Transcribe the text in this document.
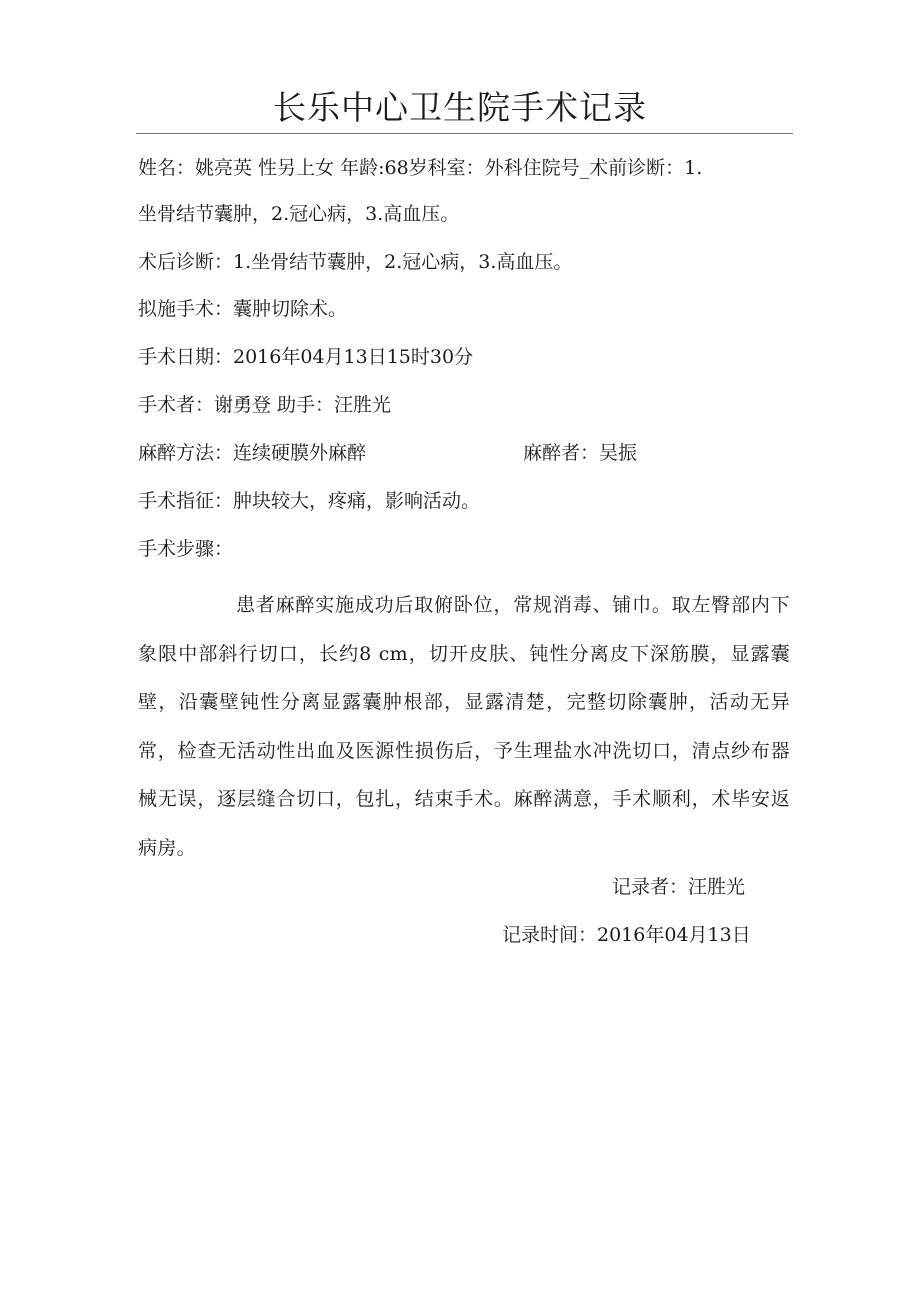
长乐中心卫生院手术记录
姓名：姚亮英 性另上女 年龄:68岁科室：外科住院号_术前诊断：1.
坐骨结节囊肿，2.冠心病，3.高血压。
术后诊断：1.坐骨结节囊肿，2.冠心病，3.高血压。
拟施手术：囊肿切除术。
手术日期：2016年04月13日15时30分
手术者：谢勇登 助手：汪胜光
麻醉方法：连续硬膜外麻醉	麻醉者：吴振
手术指征：肿块较大，疼痛，影响活动。
手术步骤：
患者麻醉实施成功后取俯卧位，常规消毒、铺巾。取左臀部内下象限中部斜行切口，长约8 cm，切开皮肤、钝性分离皮下深筋膜，显露囊壁，沿囊壁钝性分离显露囊肿根部，显露清楚，完整切除囊肿，活动无异常，检查无活动性出血及医源性损伤后，予生理盐水冲洗切口，清点纱布器械无误，逐层缝合切口，包扎，结束手术。麻醉满意，手术顺利，术毕安返病房。
记录者：汪胜光
记录时间：2016年04月13日
